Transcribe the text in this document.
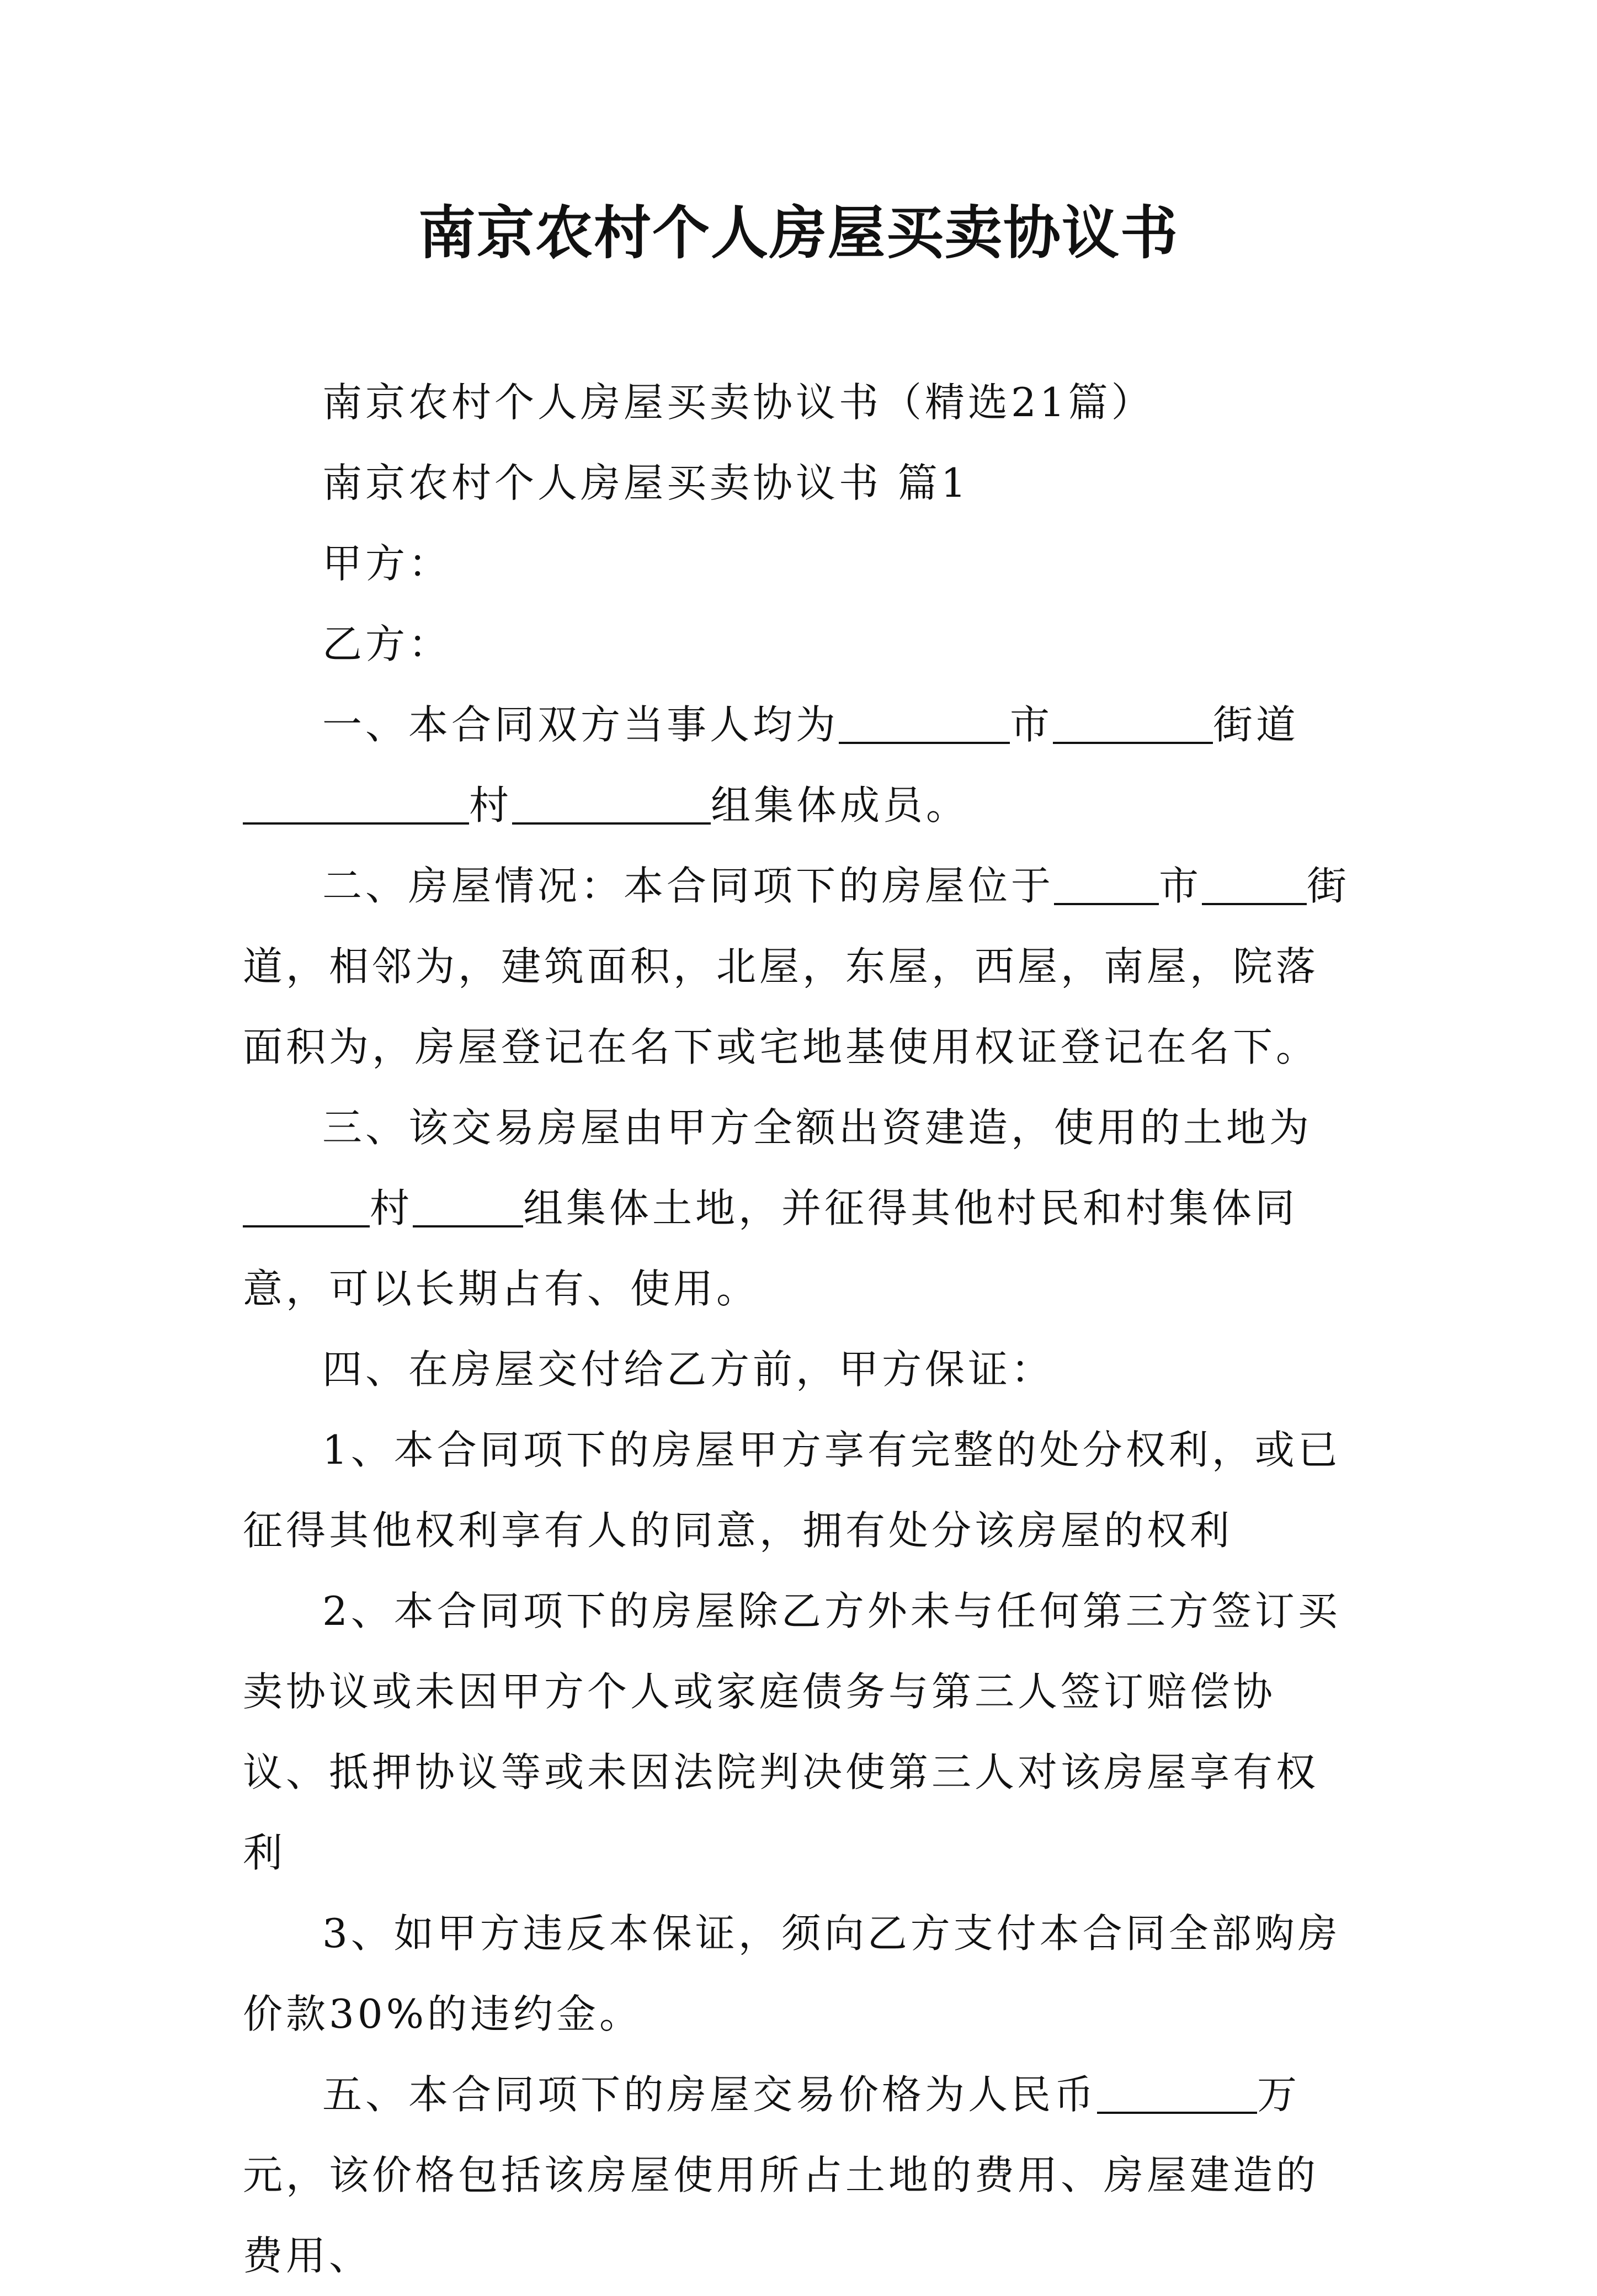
南京农村个人房屋买卖协议书

南京农村个人房屋买卖协议书（精选21篇）

南京农村个人房屋买卖协议书 篇1

甲方：

乙方：

一、本合同双方当事人均为	市	街道村	组集体成员。

二、房屋情况：本合同项下的房屋位于	市	街道，相邻为，建筑面积，北屋，东屋，西屋，南屋，院落面积为，房屋登记在名下或宅地基使用权证登记在名下。

三、该交易房屋由甲方全额出资建造，使用的土地为村	组集体土地，并征得其他村民和村集体同意，可以长期占有、使用。

四、在房屋交付给乙方前，甲方保证：

1、本合同项下的房屋甲方享有完整的处分权利，或已征得其他权利享有人的同意，拥有处分该房屋的权利

2、本合同项下的房屋除乙方外未与任何第三方签订买卖协议或未因甲方个人或家庭债务与第三人签订赔偿协议、抵押协议等或未因法院判决使第三人对该房屋享有权利

3、如甲方违反本保证，须向乙方支付本合同全部购房价款30%的违约金。

五、本合同项下的房屋交易价格为人民币	万元，该价格包括该房屋使用所占土地的费用、房屋建造的费用、
